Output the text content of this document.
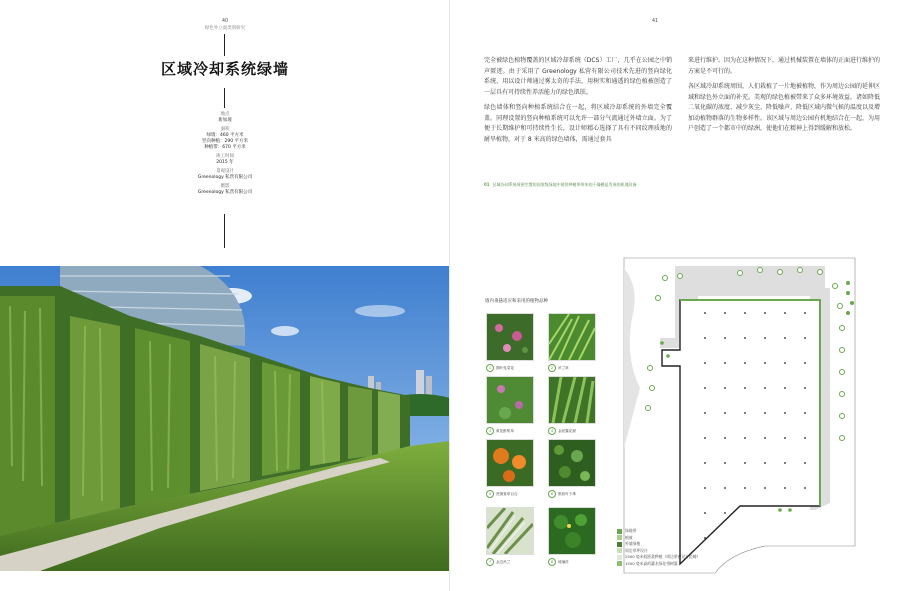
40
绿色外立面类别研究
区域冷却系统绿墙
地点
新加坡
面积
绿墙：460 平方米
竖向种植：290 平方米
种植带：670 平方米
竣工时间
2015 年
景观设计
Greenology 私营有限公司
摄影
Greenology 私营有限公司
41

完全被绿色植物覆盖的区域冷却系统（DCS）工厂，几乎在公园之中销声匿迹。由于采用了 Greenology 私营有限公司技术先进的竖向绿化系统，用以设计师通过雾太奇的手法，用树实和通透的绿色植被创造了一层具有可持续性养活能力的绿色肌肤。

绿色墙体和竖向种植系统结合在一起，将区域冷却系统的外墙完全覆盖。同理设置的竖向种植系统可以允许一部分气流通过外墙立面。为了便于长期维护和可持续性生长，设计师精心选择了具有不同纹理质地的耐旱植物，对于 8 米高的绿色墙体，需通过套具

来进行维护。因为在这种情况下，通过机械装置在墙体的正面进行维护的方案是不可行的。

各区域冷却系统周围，人们栽植了一片地被植物，作为周边公园的延伸区域和绿色外立面的补充。美观的绿色植被带来了众多环境效益，诸如降低二氧化碳的浓度、减少灰尘、降低噪声、降低区域内微气候的温度以及增加动植物群落的生物多样性。该区域与周边公园有机地结合在一起，为用户创造了一个都市中的绿洲，使他们在精神上得到缓解和放松。

01 区域冷却系统周围空置的国家级绿地中使用种植带带来的干燥模是发展的机遇设备
墙内垂悬适应和采用的植物品种
1	圆叶苋菜花	2	吊兰草
3	黄花酢浆草	4	金丝露花树
5	虎斑萱草百合	6	银丝叶下珠
7	金边吊兰	8	琉璃苣
绿地带
植被
外墙绿植
周边草坪设计
2500 毫米间距栽种植（周边景观设计范畴）
1500 毫米高的灌木绿化带树篱
